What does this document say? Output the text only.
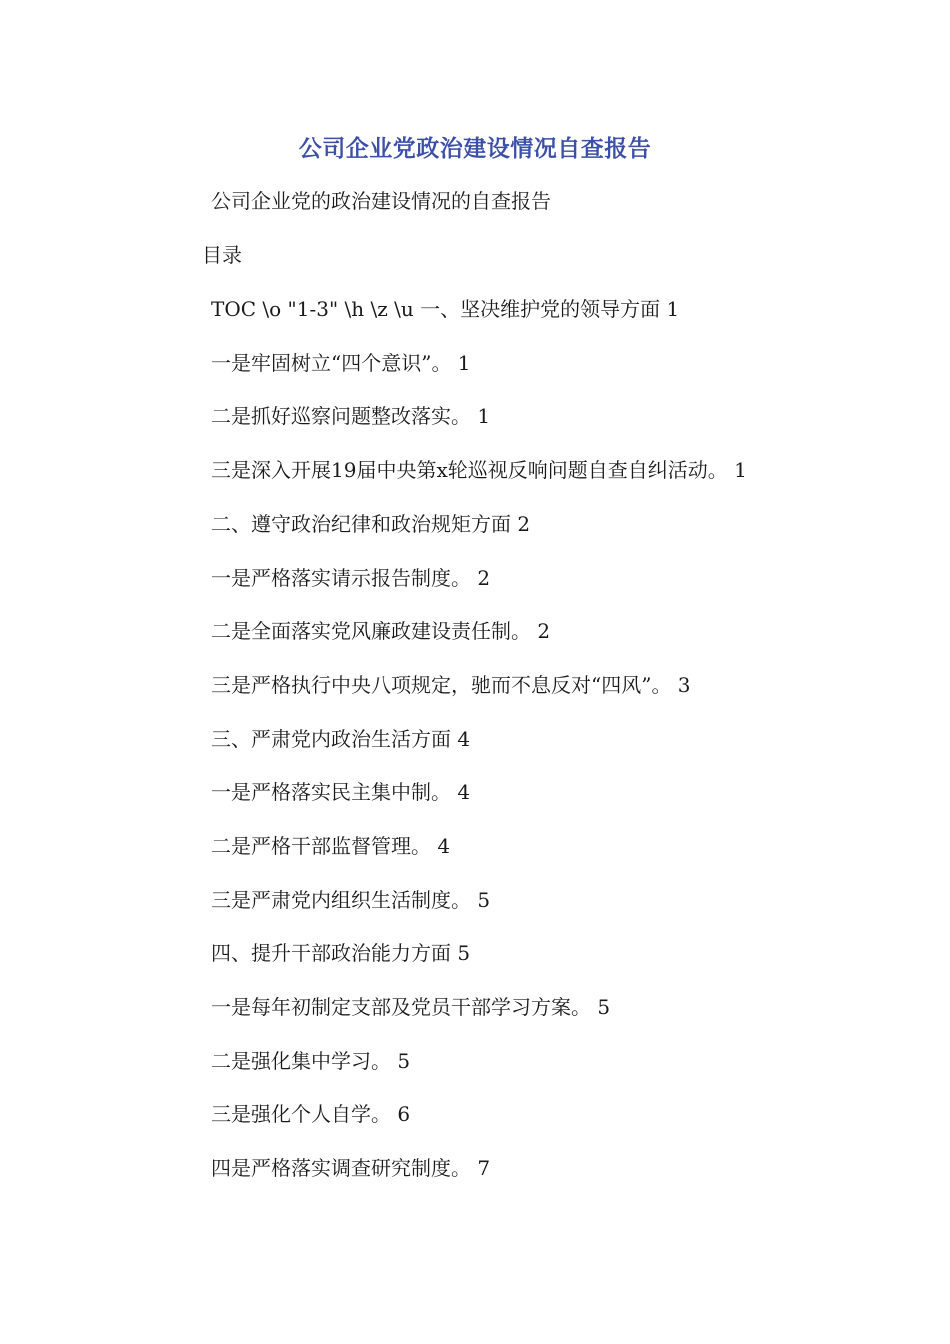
公司企业党政治建设情况自查报告
公司企业党的政治建设情况的自查报告
目录
TOC \o "1-3" \h \z \u 一、坚决维护党的领导方面 1
一是牢固树立“四个意识”。 1
二是抓好巡察问题整改落实。 1
三是深入开展19届中央第x轮巡视反响问题自查自纠活动。 1
二、遵守政治纪律和政治规矩方面 2
一是严格落实请示报告制度。 2
二是全面落实党风廉政建设责任制。 2
三是严格执行中央八项规定，驰而不息反对“四风”。 3
三、严肃党内政治生活方面 4
一是严格落实民主集中制。 4
二是严格干部监督管理。 4
三是严肃党内组织生活制度。 5
四、提升干部政治能力方面 5
一是每年初制定支部及党员干部学习方案。 5
二是强化集中学习。 5
三是强化个人自学。 6
四是严格落实调查研究制度。 7
